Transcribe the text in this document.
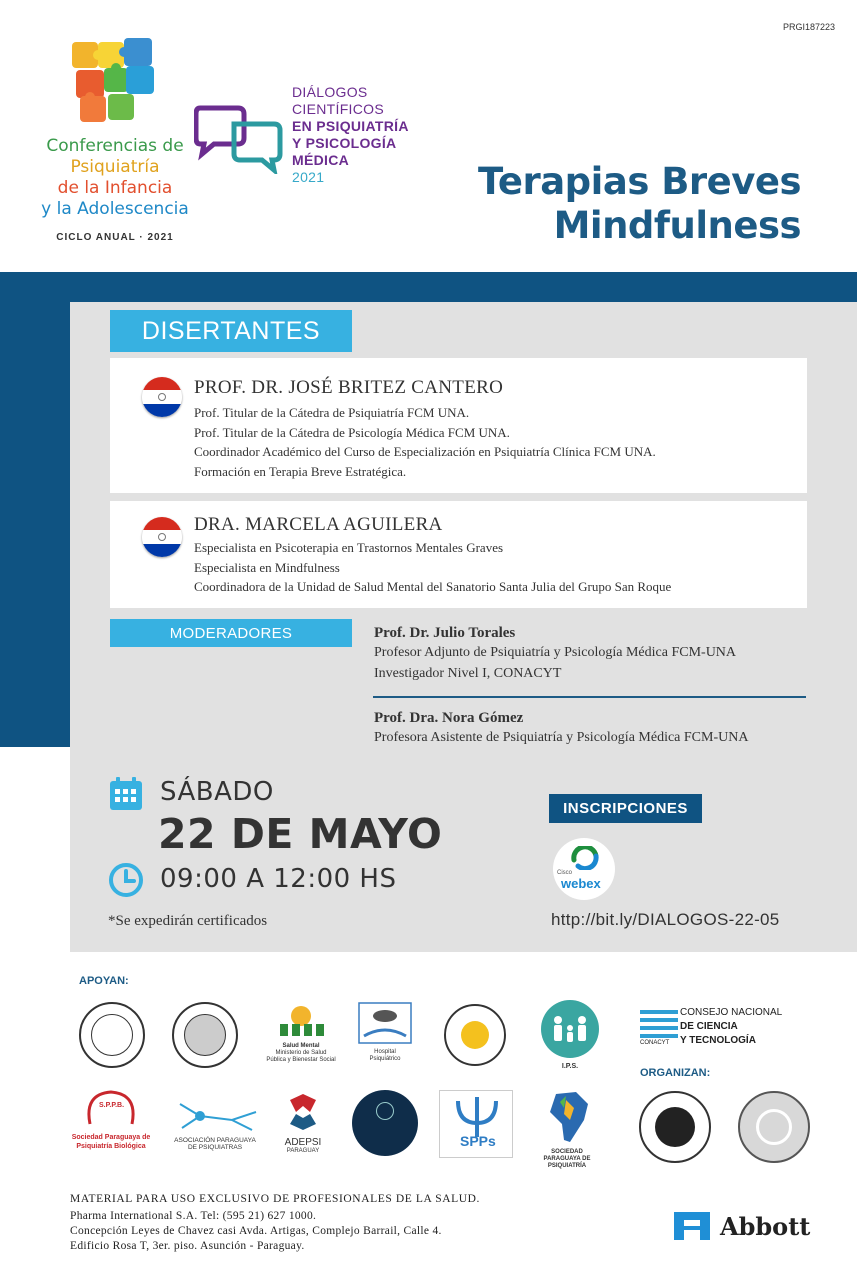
PRGI187223
Conferencias de
Psiquiatría
de la Infancia
y la Adolescencia
CICLO ANUAL · 2021
DIÁLOGOS
CIENTÍFICOS
EN PSIQUIATRÍA
Y PSICOLOGÍA
MÉDICA
2021	Terapias Breves
Mindfulness
DISERTANTES
PROF. DR. JOSÉ BRITEZ CANTERO
Prof. Titular de la Cátedra de Psiquiatría FCM UNA.
Prof. Titular de la Cátedra de Psicología Médica FCM UNA.
Coordinador Académico del Curso de Especialización en Psiquiatría Clínica FCM UNA.
Formación en Terapia Breve Estratégica.
DRA. MARCELA AGUILERA
Especialista en Psicoterapia en Trastornos Mentales Graves
Especialista en Mindfulness
Coordinadora de la Unidad de Salud Mental del Sanatorio Santa Julia del Grupo San Roque
MODERADORES	Prof. Dr. Julio Torales
Profesor Adjunto de Psiquiatría y Psicología Médica FCM-UNA
Investigador Nivel I, CONACYT
Prof. Dra. Nora Gómez
Profesora Asistente de Psiquiatría y Psicología Médica FCM-UNA
SÁBADO
22 DE MAYO
09:00 A 12:00 HS
*Se expedirán certificados
INSCRIPCIONES
Cisco
webex
http://bit.ly/DIALOGOS-22-05
APOYAN:
Salud Mental
Ministerio de Salud Pública y Bienestar Social
Hospital Psiquiátrico
I.P.S.
CONSEJO NACIONAL
DE CIENCIA
Y TECNOLOGÍA
CONACYT
ORGANIZAN:
S.P.P.B.
Sociedad Paraguaya de Psiquiatría Biológica
ASOCIACIÓN PARAGUAYA DE PSIQUIATRAS	ADEPSI
PARAGUAY
SPPs
SOCIEDAD PARAGUAYA DE PSIQUIATRÍA
MATERIAL PARA USO EXCLUSIVO DE PROFESIONALES DE LA SALUD.
Pharma International S.A. Tel: (595 21) 627 1000.
Concepción Leyes de Chavez casi Avda. Artigas, Complejo Barrail, Calle 4.
Edificio Rosa T, 3er. piso. Asunción - Paraguay.
Abbott
